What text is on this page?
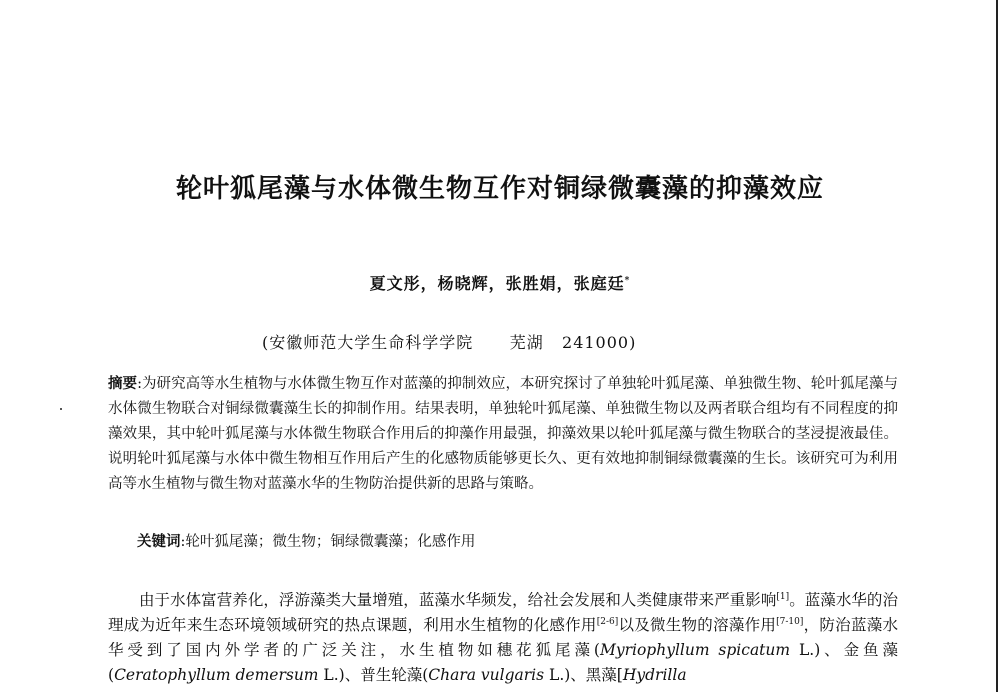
轮叶狐尾藻与水体微生物互作对铜绿微囊藻的抑藻效应
夏文彤，杨晓辉，张胜娟，张庭廷*
(安徽师范大学生命科学学院      芜湖   241000)
摘要:为研究高等水生植物与水体微生物互作对蓝藻的抑制效应，本研究探讨了单独轮叶狐尾藻、单独微生物、轮叶狐尾藻与水体微生物联合对铜绿微囊藻生长的抑制作用。结果表明，单独轮叶狐尾藻、单独微生物以及两者联合组均有不同程度的抑藻效果，其中轮叶狐尾藻与水体微生物联合作用后的抑藻作用最强，抑藻效果以轮叶狐尾藻与微生物联合的茎浸提液最佳。说明轮叶狐尾藻与水体中微生物相互作用后产生的化感物质能够更长久、更有效地抑制铜绿微囊藻的生长。该研究可为利用高等水生植物与微生物对蓝藻水华的生物防治提供新的思路与策略。
关键词:轮叶狐尾藻；微生物；铜绿微囊藻；化感作用
由于水体富营养化，浮游藻类大量增殖，蓝藻水华频发，给社会发展和人类健康带来严重影响[1]。蓝藻水华的治理成为近年来生态环境领域研究的热点课题，利用水生植物的化感作用[2-6]以及微生物的溶藻作用[7-10]，防治蓝藻水华受到了国内外学者的广泛关注，水生植物如穗花狐尾藻(Myriophyllum spicatum L.)、金鱼藻(Ceratophyllum demersum L.)、普生轮藻(Chara vulgaris L.)、黑藻[Hydrilla
